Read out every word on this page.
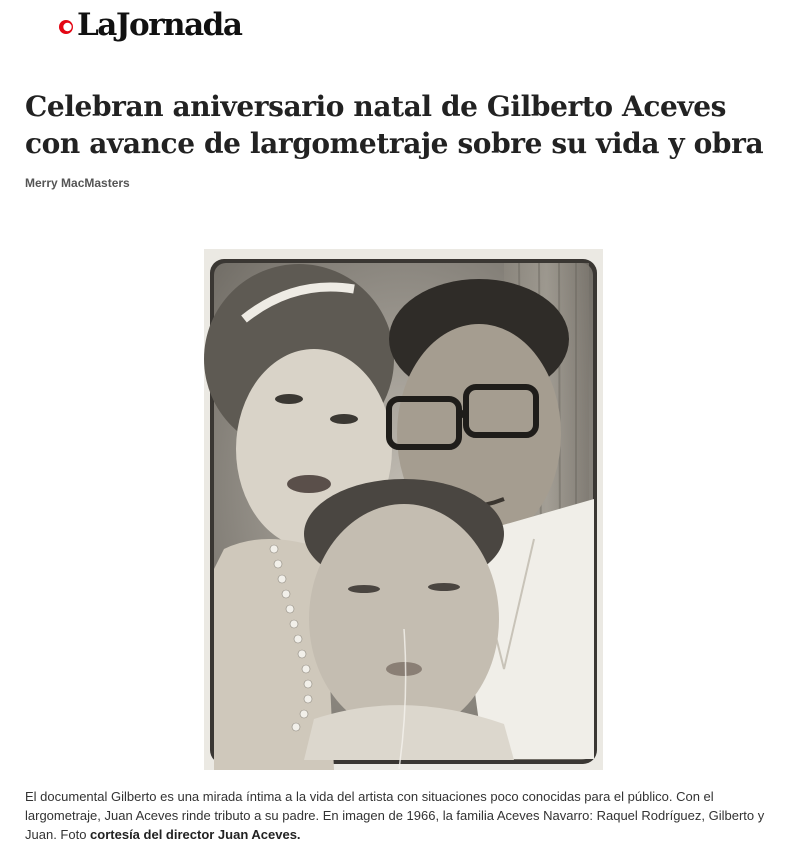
LaJornada
Celebran aniversario natal de Gilberto Aceves con avance de largometraje sobre su vida y obra
Merry MacMasters

El documental Gilberto es una mirada íntima a la vida del artista con situaciones poco conocidas para el público. Con el largometraje, Juan Aceves rinde tributo a su padre. En imagen de 1966, la familia Aceves Navarro: Raquel Rodríguez, Gilberto y Juan. Foto cortesía del director Juan Aceves.
